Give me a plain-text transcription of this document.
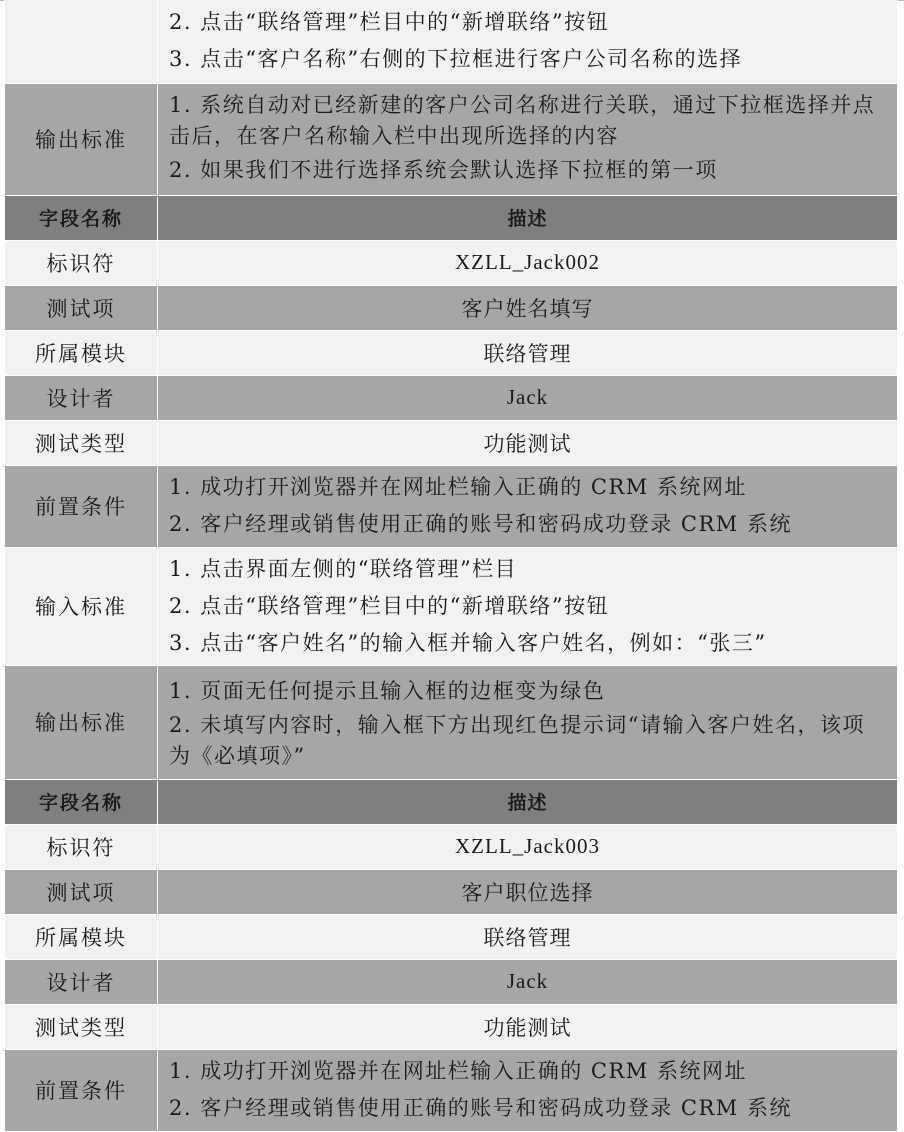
	2. 点击“联络管理”栏目中的“新增联络”按钮
3. 点击“客户名称”右侧的下拉框进行客户公司名称的选择

输出标准	1. 系统自动对已经新建的客户公司名称进行关联，通过下拉框选择并点击后，在客户名称输入栏中出现所选择的内容
2. 如果我们不进行选择系统会默认选择下拉框的第一项

字段名称	描述
标识符	XZLL_Jack002
测试项	客户姓名填写
所属模块	联络管理
设计者	Jack
测试类型	功能测试
前置条件	1. 成功打开浏览器并在网址栏输入正确的 CRM 系统网址
2. 客户经理或销售使用正确的账号和密码成功登录 CRM 系统

输入标准	1. 点击界面左侧的“联络管理”栏目
2. 点击“联络管理”栏目中的“新增联络”按钮
3. 点击“客户姓名”的输入框并输入客户姓名，例如：“张三”

输出标准	1. 页面无任何提示且输入框的边框变为绿色
2. 未填写内容时，输入框下方出现红色提示词“请输入客户姓名，该项为《必填项》”

字段名称	描述
标识符	XZLL_Jack003
测试项	客户职位选择
所属模块	联络管理
设计者	Jack
测试类型	功能测试
前置条件	1. 成功打开浏览器并在网址栏输入正确的 CRM 系统网址
2. 客户经理或销售使用正确的账号和密码成功登录 CRM 系统
